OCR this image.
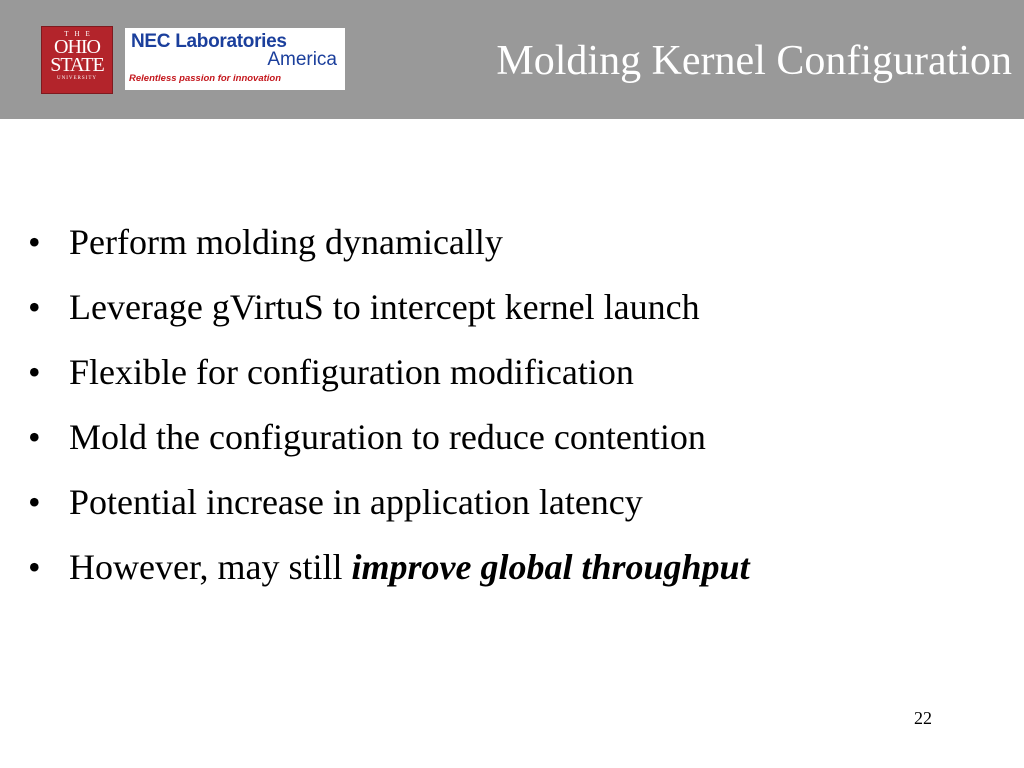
THE
OHIO
STATE
UNIVERSITY
NEC Laboratories
America
Relentless passion for innovation	Molding Kernel Configuration
• Perform molding dynamically
• Leverage gVirtuS to intercept kernel launch
• Flexible for configuration modification
• Mold the configuration to reduce contention
• Potential increase in application latency
• However, may still improve global throughput
22
